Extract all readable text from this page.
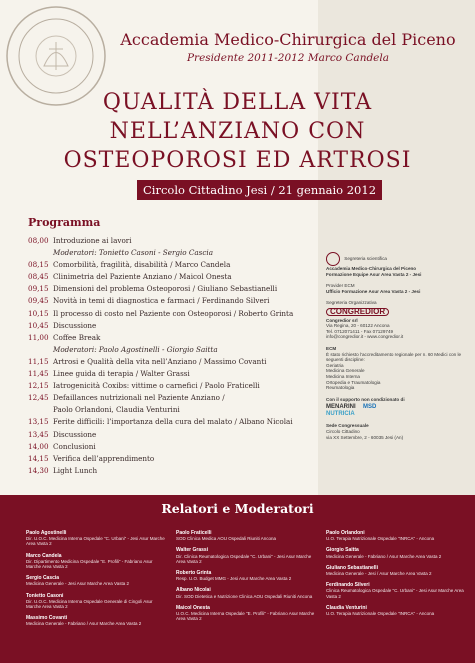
Accademia Medico-Chirurgica del Piceno
Presidente 2011-2012 Marco Candela
QUALITÀ DELLA VITA
NELL’ANZIANO CON
OSTEOPOROSI ED ARTROSI
Circolo Cittadino Jesi / 21 gennaio 2012
Programma
08,00 Introduzione ai lavori
Moderatori: Tonietto Casoni - Sergio Cascia
08,15 Comorbilità, fragilità, disabilità / Marco Candela
08,45 Clinimetria del Paziente Anziano / Maicol Onesta
09,15 Dimensioni del problema Osteoporosi / Giuliano Sebastianelli
09,45 Novità in temi di diagnostica e farmaci / Ferdinando Silveri
10,15 Il processo di costo nel Paziente con Osteoporosi / Roberto Grinta
10,45 Discussione
11,00 Coffee Break
Moderatori: Paolo Agostinelli - Giorgio Saitta
11,15 Artrosi e Qualità della vita nell’Anziano / Massimo Covanti
11,45 Linee guida di terapia / Walter Grassi
12,15 Iatrogenicità Coxibs: vittime o carnefici / Paolo Fraticelli
12,45 Defaillances nutrizionali nel Paziente Anziano /
Paolo Orlandoni, Claudia Venturini
13,15 Ferite difficili: l’importanza della cura del malato / Albano Nicolai
13,45 Discussione
14,00 Conclusioni
14,15 Verifica dell’apprendimento
14,30 Light Lunch
Segreteria scientifica
Accademia Medico-Chirurgica del Piceno
Formazione Equipe Asur Area Vasta 2 - Jesi
Provider ECM
Ufficio Formazione Asur Area Vasta 2 - Jesi
Segreteria Organizzativa
CONGREDIOR
Congredior srl
Via Regina, 20 - 60122 Ancona
Tel. 0712071411 - Fax 07129749
info@congredior.it - www.congredior.it
ECM
È stato richiesto l’accreditamento regionale per n. 60 Medici con le seguenti discipline:
Geriatria
Medicina Generale
Medicina Interna
Ortopedia e Traumatologia
Reumatologia
Con il supporto non condizionato di
MENARINI MSD
NUTRICIA
Sede Congressuale
Circolo Cittadino
via XX Settembre, 2 - 60035 Jesi (An)
Relatori e Moderatori
Paolo Agostinelli
Dir. U.O.C. Medicina Interna Ospedale "C. Urbani" - Jesi Asur Marche Area Vasta 2
Marco Candela
Dir. Dipartimento Medicina Ospedale "E. Profili" - Fabriano Asur Marche Area Vasta 2
Sergio Cascia
Medicina Generale - Jesi Asur Marche Area Vasta 2
Tonietto Casoni
Dir. U.O.C. Medicina Interna Ospedale Generale di Cingoli Asur Marche Area Vasta 2
Massimo Covanti
Medicina Generale - Fabriano / Asur Marche Area Vasta 2
Paolo Fraticelli
SOD Clinica Medica AOU Ospedali Riuniti Ancona
Walter Grassi
Dir. Clinica Reumatologica Ospedale "C. Urbani" - Jesi Asur Marche Area Vasta 2
Roberto Grinta
Resp. U.O. Budget MMG - Jesi Asur Marche Area Vasta 2
Albano Nicolai
Dir. SOD Dietetica e Nutrizione Clinica AOU Ospedali Riuniti Ancona
Maicol Onesta
U.O.C. Medicina Interna Ospedale "E. Profili" - Fabriano Asur Marche Area Vasta 2
Paolo Orlandoni
U.O. Terapia Nutrizionale Ospedale "INRCA" - Ancona
Giorgio Saitta
Medicina Generale - Fabriano / Asur Marche Area Vasta 2
Giuliano Sebastianelli
Medicina Generale - Jesi / Asur Marche Area Vasta 2
Ferdinando Silveri
Clinica Reumatologica Ospedale "C. Urbani" - Jesi Asur Marche Area Vasta 2
Claudia Venturini
U.O. Terapia Nutrizionale Ospedale "INRCA" - Ancona
